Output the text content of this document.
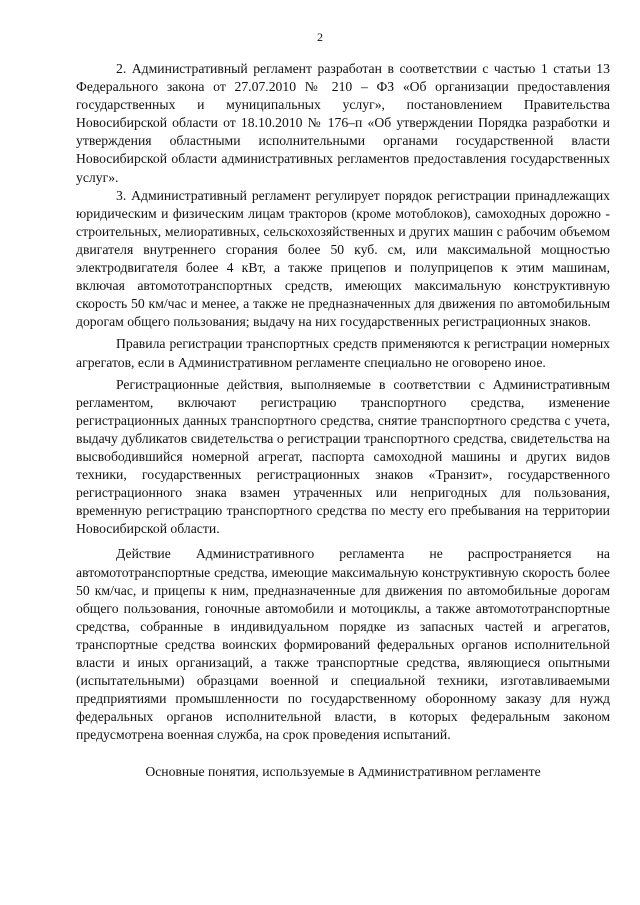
2

2. Административный регламент разработан в соответствии с частью 1 статьи 13 Федерального закона от 27.07.2010 № 210 – ФЗ «Об организации предоставления государственных и муниципальных услуг», постановлением Правительства Новосибирской области от 18.10.2010 № 176–п «Об утверждении Порядка разработки и утверждения областными исполнительными органами государственной власти Новосибирской области административных регламентов предоставления государственных услуг».

3. Административный регламент регулирует порядок регистрации принадлежащих юридическим и физическим лицам тракторов (кроме мотоблоков), самоходных дорожно - строительных, мелиоративных, сельскохозяйственных и других машин с рабочим объемом двигателя внутреннего сгорания более 50 куб. см, или максимальной мощностью электродвигателя более 4 кВт, а также прицепов и полуприцепов к этим машинам, включая автомототранспортных средств, имеющих максимальную конструктивную скорость 50 км/час и менее, а также не предназначенных для движения по автомобильным дорогам общего пользования; выдачу на них государственных регистрационных знаков.

Правила регистрации транспортных средств применяются к регистрации номерных агрегатов, если в Административном регламенте специально не оговорено иное.

Регистрационные действия, выполняемые в соответствии с Административным регламентом, включают регистрацию транспортного средства, изменение регистрационных данных транспортного средства, снятие транспортного средства с учета, выдачу дубликатов свидетельства о регистрации транспортного средства, свидетельства на высвободившийся номерной агрегат, паспорта самоходной машины и других видов техники, государственных регистрационных знаков «Транзит», государственного регистрационного знака взамен утраченных или непригодных для пользования, временную регистрацию транспортного средства по месту его пребывания на территории Новосибирской области.

Действие Административного регламента не распространяется на автомототранспортные средства, имеющие максимальную конструктивную скорость более 50 км/час, и прицепы к ним, предназначенные для движения по автомобильные дорогам общего пользования, гоночные автомобили и мотоциклы, а также автомототранспортные средства, собранные в индивидуальном порядке из запасных частей и агрегатов, транспортные средства воинских формирований федеральных органов исполнительной власти и иных организаций, а также транспортные средства, являющиеся опытными (испытательными) образцами военной и специальной техники, изготавливаемыми предприятиями промышленности по государственному оборонному заказу для нужд федеральных органов исполнительной власти, в которых федеральным законом предусмотрена военная служба, на срок проведения испытаний.

Основные понятия, используемые в Административном регламенте
